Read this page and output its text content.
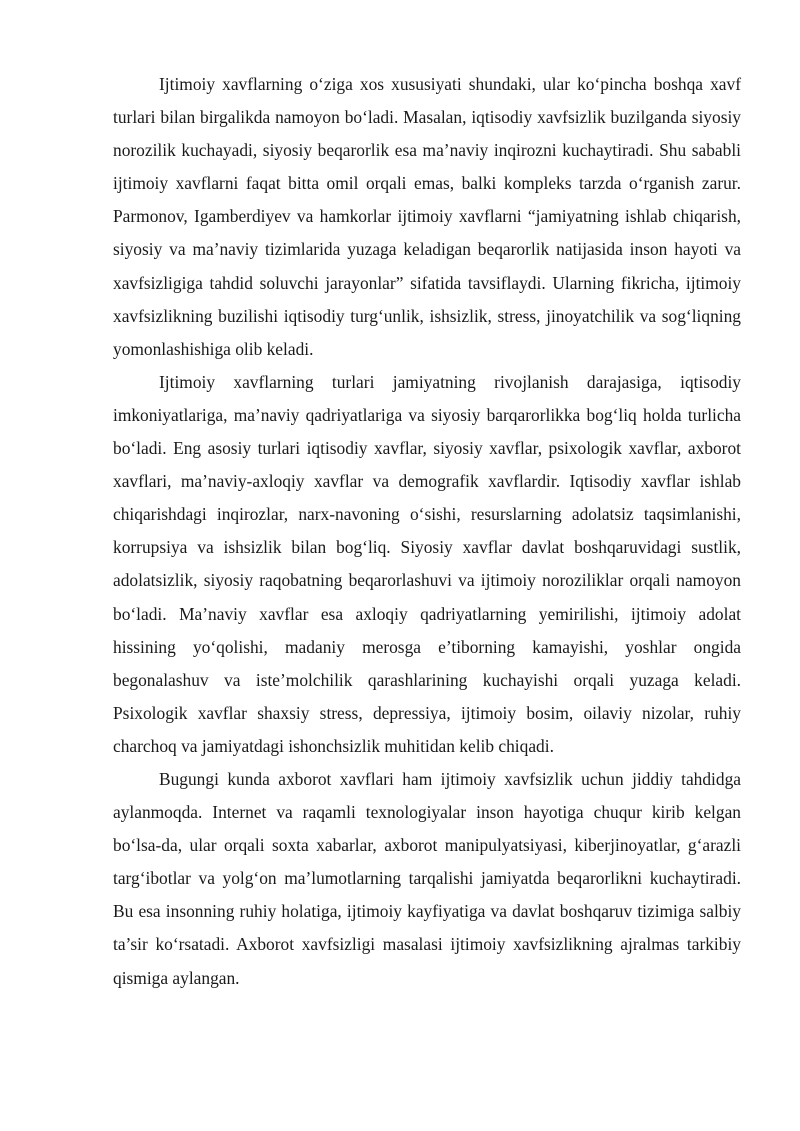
Ijtimoiy xavflarning o‘ziga xos xususiyati shundaki, ular ko‘pincha boshqa xavf turlari bilan birgalikda namoyon bo‘ladi. Masalan, iqtisodiy xavfsizlik buzilganda siyosiy norozilik kuchayadi, siyosiy beqarorlik esa ma’naviy inqirozni kuchaytiradi. Shu sababli ijtimoiy xavflarni faqat bitta omil orqali emas, balki kompleks tarzda o‘rganish zarur. Parmonov, Igamberdiyev va hamkorlar ijtimoiy xavflarni “jamiyatning ishlab chiqarish, siyosiy va ma’naviy tizimlarida yuzaga keladigan beqarorlik natijasida inson hayoti va xavfsizligiga tahdid soluvchi jarayonlar” sifatida tavsiflaydi. Ularning fikricha, ijtimoiy xavfsizlikning buzilishi iqtisodiy turg‘unlik, ishsizlik, stress, jinoyatchilik va sog‘liqning yomonlashishiga olib keladi.

Ijtimoiy xavflarning turlari jamiyatning rivojlanish darajasiga, iqtisodiy imkoniyatlariga, ma’naviy qadriyatlariga va siyosiy barqarorlikka bog‘liq holda turlicha bo‘ladi. Eng asosiy turlari iqtisodiy xavflar, siyosiy xavflar, psixologik xavflar, axborot xavflari, ma’naviy-axloqiy xavflar va demografik xavflardir. Iqtisodiy xavflar ishlab chiqarishdagi inqirozlar, narx-navoning o‘sishi, resurslarning adolatsiz taqsimlanishi, korrupsiya va ishsizlik bilan bog‘liq. Siyosiy xavflar davlat boshqaruvidagi sustlik, adolatsizlik, siyosiy raqobatning beqarorlashuvi va ijtimoiy noroziliklar orqali namoyon bo‘ladi. Ma’naviy xavflar esa axloqiy qadriyatlarning yemirilishi, ijtimoiy adolat hissining yo‘qolishi, madaniy merosga e’tiborning kamayishi, yoshlar ongida begonalashuv va iste’molchilik qarashlarining kuchayishi orqali yuzaga keladi. Psixologik xavflar shaxsiy stress, depressiya, ijtimoiy bosim, oilaviy nizolar, ruhiy charchoq va jamiyatdagi ishonchsizlik muhitidan kelib chiqadi.

Bugungi kunda axborot xavflari ham ijtimoiy xavfsizlik uchun jiddiy tahdidga aylanmoqda. Internet va raqamli texnologiyalar inson hayotiga chuqur kirib kelgan bo‘lsa-da, ular orqali soxta xabarlar, axborot manipulyatsiyasi, kiberjinoyatlar, g‘arazli targ‘ibotlar va yolg‘on ma’lumotlarning tarqalishi jamiyatda beqarorlikni kuchaytiradi. Bu esa insonning ruhiy holatiga, ijtimoiy kayfiyatiga va davlat boshqaruv tizimiga salbiy ta’sir ko‘rsatadi. Axborot xavfsizligi masalasi ijtimoiy xavfsizlikning ajralmas tarkibiy qismiga aylangan.
